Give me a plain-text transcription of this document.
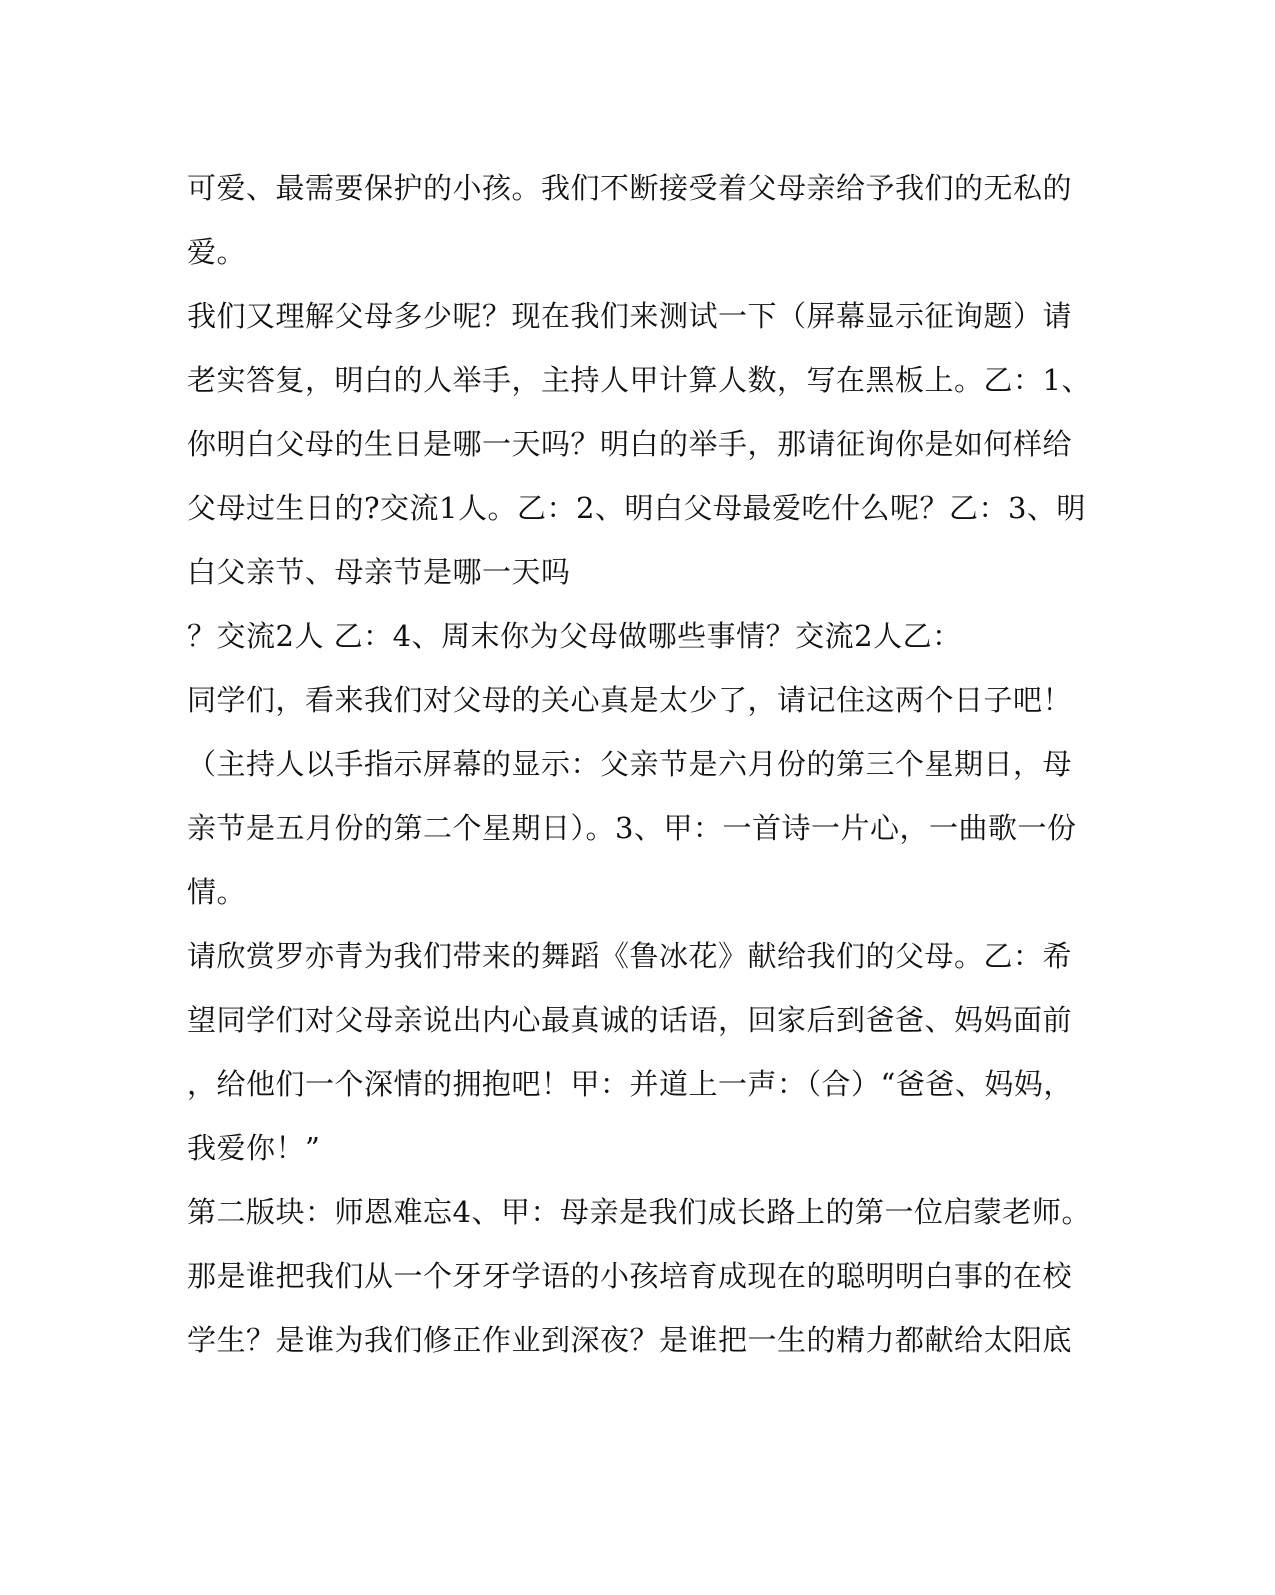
可爱、最需要保护的小孩。我们不断接受着父母亲给予我们的无私的
爱。
我们又理解父母多少呢？现在我们来测试一下（屏幕显示征询题）请
老实答复，明白的人举手，主持人甲计算人数，写在黑板上。乙：1、
你明白父母的生日是哪一天吗？明白的举手，那请征询你是如何样给
父母过生日的?交流1人。乙：2、明白父母最爱吃什么呢？乙：3、明
白父亲节、母亲节是哪一天吗
？交流2人 乙：4、周末你为父母做哪些事情？交流2人乙：
同学们，看来我们对父母的关心真是太少了，请记住这两个日子吧！
（主持人以手指示屏幕的显示：父亲节是六月份的第三个星期日，母
亲节是五月份的第二个星期日）。3、甲：一首诗一片心，一曲歌一份
情。
请欣赏罗亦青为我们带来的舞蹈《鲁冰花》献给我们的父母。乙：希
望同学们对父母亲说出内心最真诚的话语，回家后到爸爸、妈妈面前
，给他们一个深情的拥抱吧！甲：并道上一声：（合）“爸爸、妈妈，
我爱你！”
第二版块：师恩难忘4、甲：母亲是我们成长路上的第一位启蒙老师。
那是谁把我们从一个牙牙学语的小孩培育成现在的聪明明白事的在校
学生？是谁为我们修正作业到深夜？是谁把一生的精力都献给太阳底
